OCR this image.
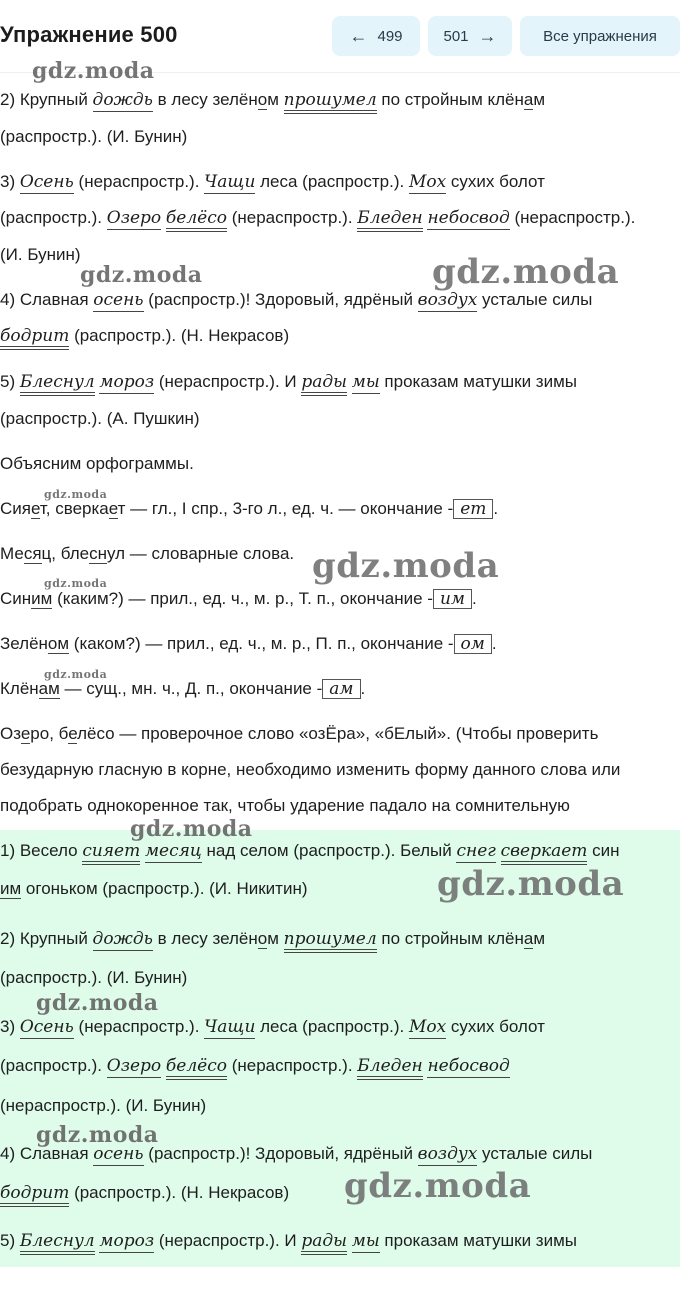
Упражнение 500	← 499	501 →	Все упражнения
2) Крупный дождь в лесу зелёном прошумел по стройным клёнам
(распростр.). (И. Бунин)
3) Осень (нераспростр.). Чащи леса (распростр.). Мох сухих болот
(распростр.). Озеро белёсо (нераспростр.). Бледен небосвод (нераспростр.).
(И. Бунин)
4) Славная осень (распростр.)! Здоровый, ядрёный воздух усталые силы
бодрит (распростр.). (Н. Некрасов)
5) Блеснул мороз (нераспростр.). И рады мы проказам матушки зимы
(распростр.). (А. Пушкин)
Объясним орфограммы.
Сияет, сверкает — гл., I спр., 3-го л., ед. ч. — окончание - ет .
Месяц, блеснул — словарные слова.
Синим (каким?) — прил., ед. ч., м. р., Т. п., окончание - им .
Зелёном (каком?) — прил., ед. ч., м. р., П. п., окончание - ом .
Клёнам — сущ., мн. ч., Д. п., окончание - ам .
Озеро, белёсо — проверочное слово «озЁра», «бЕлый». (Чтобы проверить
безударную гласную в корне, необходимо изменить форму данного слова или
подобрать однокоренное так, чтобы ударение падало на сомнительную
1) Весело сияет месяц над селом (распростр.). Белый снег сверкает син
им огоньком (распростр.). (И. Никитин)
2) Крупный дождь в лесу зелёном прошумел по стройным клёнам
(распростр.). (И. Бунин)
3) Осень (нераспростр.). Чащи леса (распростр.). Мох сухих болот
(распростр.). Озеро белёсо (нераспростр.). Бледен небосвод
(нераспростр.). (И. Бунин)
4) Славная осень (распростр.)! Здоровый, ядрёный воздух усталые силы
бодрит (распростр.). (Н. Некрасов)
5) Блеснул мороз (нераспростр.). И рады мы проказам матушки зимы
gdz.moda
gdz.moda	gdz.moda
gdz.moda
gdz.moda
gdz.moda
gdz.moda
gdz.moda
gdz.moda
gdz.moda
gdz.moda
gdz.moda
